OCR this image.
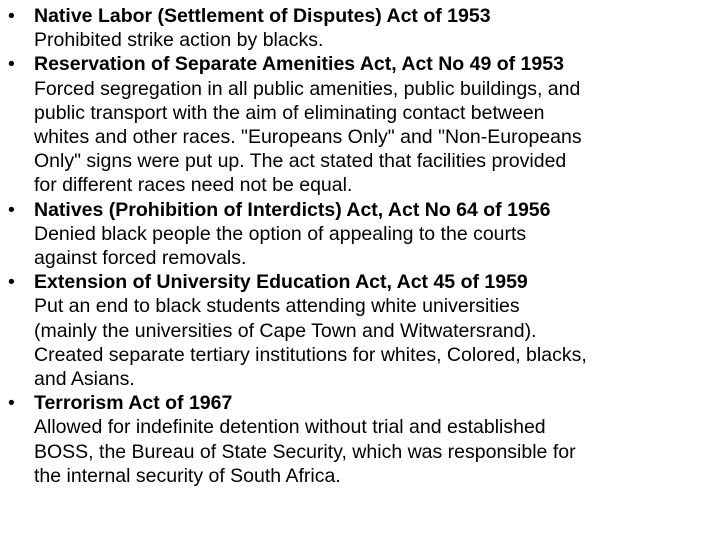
• Native Labor (Settlement of Disputes) Act of 1953
Prohibited strike action by blacks.
• Reservation of Separate Amenities Act, Act No 49 of 1953
Forced segregation in all public amenities, public buildings, and
public transport with the aim of eliminating contact between
whites and other races. "Europeans Only" and "Non-Europeans
Only" signs were put up. The act stated that facilities provided
for different races need not be equal.
• Natives (Prohibition of Interdicts) Act, Act No 64 of 1956
Denied black people the option of appealing to the courts
against forced removals.
• Extension of University Education Act, Act 45 of 1959
Put an end to black students attending white universities
(mainly the universities of Cape Town and Witwatersrand).
Created separate tertiary institutions for whites, Colored, blacks,
and Asians.
• Terrorism Act of 1967
Allowed for indefinite detention without trial and established
BOSS, the Bureau of State Security, which was responsible for
the internal security of South Africa.
